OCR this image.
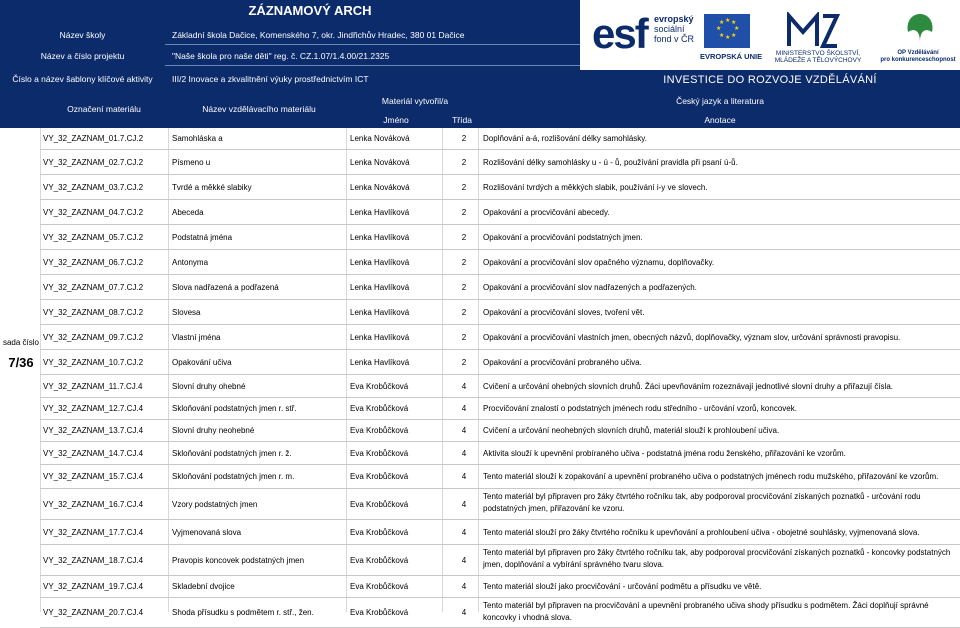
ZÁZNAMOVÝ ARCH
Název školy	Základní škola Dačice, Komenského 7, okr. Jindřichův Hradec, 380 01 Dačice
Název a číslo projektu	"Naše škola pro naše děti" reg. č. CZ.1.07/1.4.00/21.2325
Číslo a název šablony klíčové aktivity	III/2 Inovace a zkvalitnění výuky prostřednictvím ICT
esf evropský
sociální
fond v ČR
★ ★
★
★
★
★
★
★
EVROPSKÁ UNIE	MINISTERSTVO ŠKOLSTVÍ,
MLÁDEŽE A TĚLOVÝCHOVY
OP Vzdělávání
pro konkurenceschopnost
INVESTICE DO ROZVOJE VZDĚLÁVÁNÍ
Označení materiálu	Název vzdělávacího materiálu
Materiál vytvořil/a
Jméno	Třída
Český jazyk a literatura
Anotace
sada číslo
7/36
VY_32_ZAZNAM_01.7.CJ.2	Samohláska a	Lenka Nováková	2	Doplňování a-á, rozlišování délky samohlásky.
VY_32_ZAZNAM_02.7.CJ.2	Písmeno u	Lenka Nováková	2	Rozlišování délky samohlásky u - ú - ů, používání pravidla při psaní ú-ů.
VY_32_ZAZNAM_03.7.CJ.2	Tvrdé a měkké slabiky	Lenka Nováková	2	Rozlišování tvrdých a měkkých slabik, používání i-y ve slovech.
VY_32_ZAZNAM_04.7.CJ.2	Abeceda	Lenka Havlíková	2	Opakování a procvičování abecedy.
VY_32_ZAZNAM_05.7.CJ.2	Podstatná jména	Lenka Havlíková	2	Opakování a procvičování podstatných jmen.
VY_32_ZAZNAM_06.7.CJ.2	Antonyma	Lenka Havlíková	2	Opakování a procvičování slov opačného významu, doplňovačky.
VY_32_ZAZNAM_07.7.CJ.2	Slova nadřazená a podřazená	Lenka Havlíková	2	Opakování a procvičování slov nadřazených a podřazených.
VY_32_ZAZNAM_08.7.CJ.2	Slovesa	Lenka Havlíková	2	Opakování a procvičování sloves, tvoření vět.
VY_32_ZAZNAM_09.7.CJ.2	Vlastní jména	Lenka Havlíková	2	Opakování a procvičování vlastních jmen, obecných názvů, doplňovačky, význam slov, určování správnosti pravopisu.
VY_32_ZAZNAM_10.7.CJ.2	Opakování učiva	Lenka Havlíková	2	Opakování a procvičování probraného učiva.
VY_32_ZAZNAM_11.7.CJ.4	Slovní druhy ohebné	Eva Krobůčková	4	Cvičení a určování ohebných slovních druhů. Žáci upevňováním rozeznávají jednotlivé slovní druhy a přiřazují čísla.
VY_32_ZAZNAM_12.7.CJ.4	Skloňování podstatných jmen r. stř.	Eva Krobůčková	4	Procvičování znalostí o podstatných jménech rodu středního - určování vzorů, koncovek.
VY_32_ZAZNAM_13.7.CJ.4	Slovní druhy neohebné	Eva Krobůčková	4	Cvičení a určování neohebných slovních druhů, materiál slouží k prohloubení učiva.
VY_32_ZAZNAM_14.7.CJ.4	Skloňování podstatných jmen r. ž.	Eva Krobůčková	4	Aktivita slouží k upevnění probíraného učiva - podstatná jména rodu ženského, přiřazování ke vzorům.
VY_32_ZAZNAM_15.7.CJ.4	Skloňování podstatných jmen r. m.	Eva Krobůčková	4	Tento materiál slouží k zopakování a upevnění probraného učiva o podstatných jménech rodu mužského, přiřazování ke vzorům.
VY_32_ZAZNAM_16.7.CJ.4	Vzory podstatných jmen	Eva Krobůčková	4
Tento materiál byl připraven pro žáky čtvrtého ročníku tak, aby podporoval procvičování získaných poznatků - určování rodu podstatných jmen, přiřazování ke vzoru.
VY_32_ZAZNAM_17.7.CJ.4	Vyjmenovaná slova	Eva Krobůčková	4	Tento materiál slouží pro žáky čtvrtého ročníku k upevňování a prohloubení učiva - obojetné souhlásky, vyjmenovaná slova.
VY_32_ZAZNAM_18.7.CJ.4	Pravopis koncovek podstatných jmen	Eva Krobůčková	4
Tento materiál byl připraven pro žáky čtvrtého ročníku tak, aby podporoval procvičování získaných poznatků - koncovky podstatných jmen, doplňování a vybírání správného tvaru slova.
VY_32_ZAZNAM_19.7.CJ.4	Skladební dvojice	Eva Krobůčková	4	Tento materiál slouží jako procvičování - určování podmětu a přísudku ve větě.
VY_32_ZAZNAM_20.7.CJ.4	Shoda přísudku s podmětem r. stř., žen.	Eva Krobůčková	4
Tento materiál byl připraven na procvičování a upevnění probraného učiva shody přísudku s podmětem. Žáci doplňují správné koncovky i vhodná slova.
